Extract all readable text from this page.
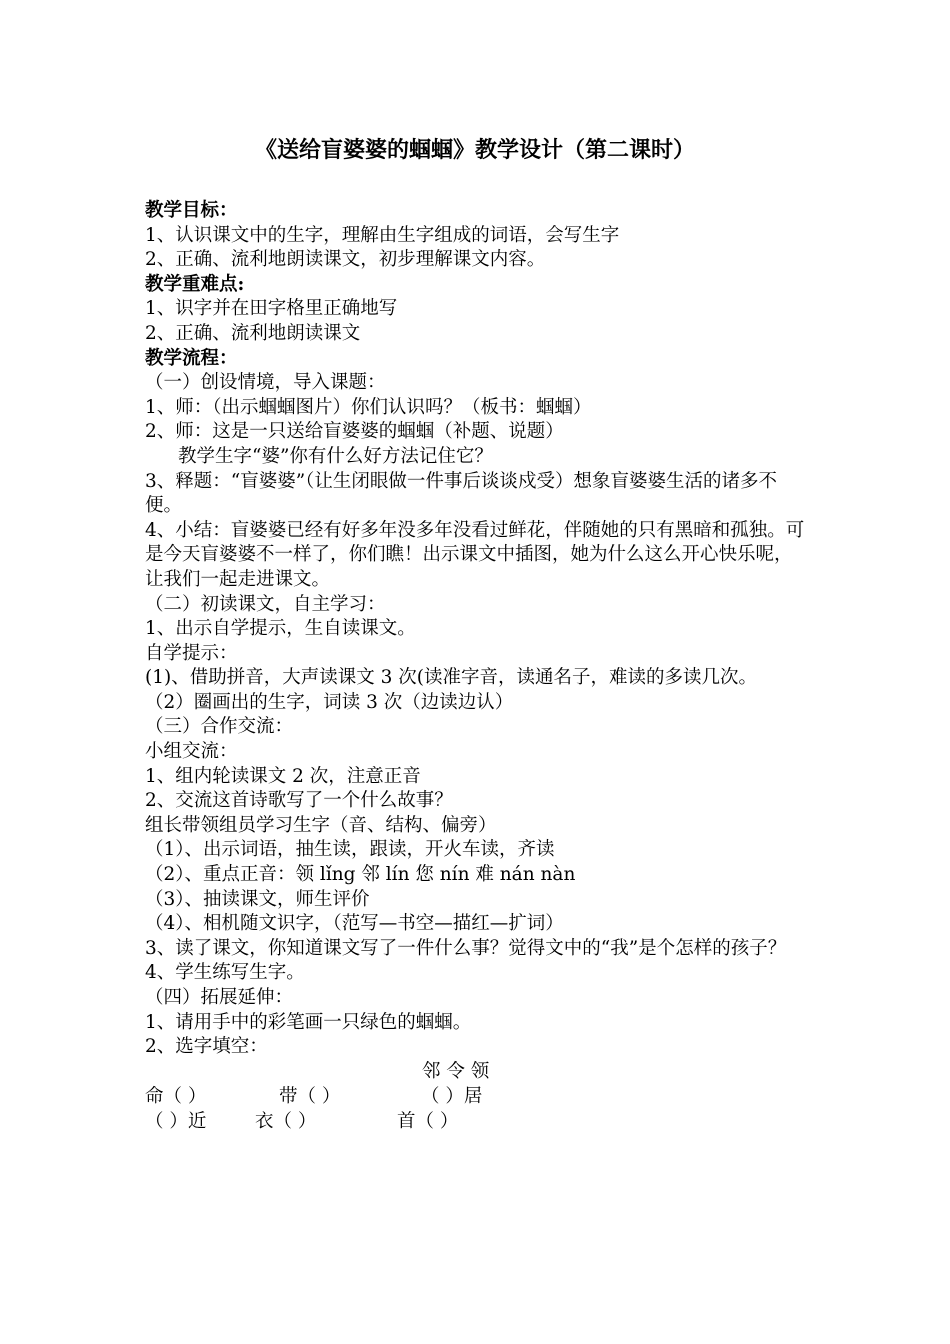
《送给盲婆婆的蝈蝈》教学设计（第二课时）

教学目标：

1、认识课文中的生字，理解由生字组成的词语，会写生字

2、正确、流利地朗读课文，初步理解课文内容。

教学重难点:

1、识字并在田字格里正确地写

2、正确、流利地朗读课文

教学流程：

（一）创设情境，导入课题：

1、师：（出示蝈蝈图片）你们认识吗？（板书：蝈蝈）

2、师：这是一只送给盲婆婆的蝈蝈（补题、说题）

教学生字“婆”你有什么好方法记住它？

3、释题：“盲婆婆”（让生闭眼做一件事后谈谈戍受）想象盲婆婆生活的诸多不便。

4、小结：盲婆婆已经有好多年没多年没看过鲜花，伴随她的只有黑暗和孤独。可是今天盲婆婆不一样了，你们瞧！出示课文中插图，她为什么这么开心快乐呢，让我们一起走进课文。

（二）初读课文，自主学习：

1、出示自学提示，生自读课文。

自学提示：

(1)、借助拼音，大声读课文 3 次(读准字音，读通名子，难读的多读几次。

（2）圈画出的生字，词读 3 次（边读边认）

（三）合作交流：

小组交流：

1、组内轮读课文 2 次，注意正音

2、交流这首诗歌写了一个什么故事？

组长带领组员学习生字（音、结构、偏旁）

（1）、出示词语，抽生读，跟读，开火车读，齐读

（2）、重点正音：领 lǐng 邻 lín 您 nín 难 nán nàn

（3）、抽读课文，师生评价

（4）、相机随文识字，（范写—书空—描红—扩词）

3、读了课文，你知道课文写了一件什么事？觉得文中的“我”是个怎样的孩子？

4、学生练写生字。

（四）拓展延伸：

1、请用手中的彩笔画一只绿色的蝈蝈。

2、选字填空：

邻 令 领
命（ ）	带（ ）	（ ）居
（ ）近	衣（ ）	首（ ）
